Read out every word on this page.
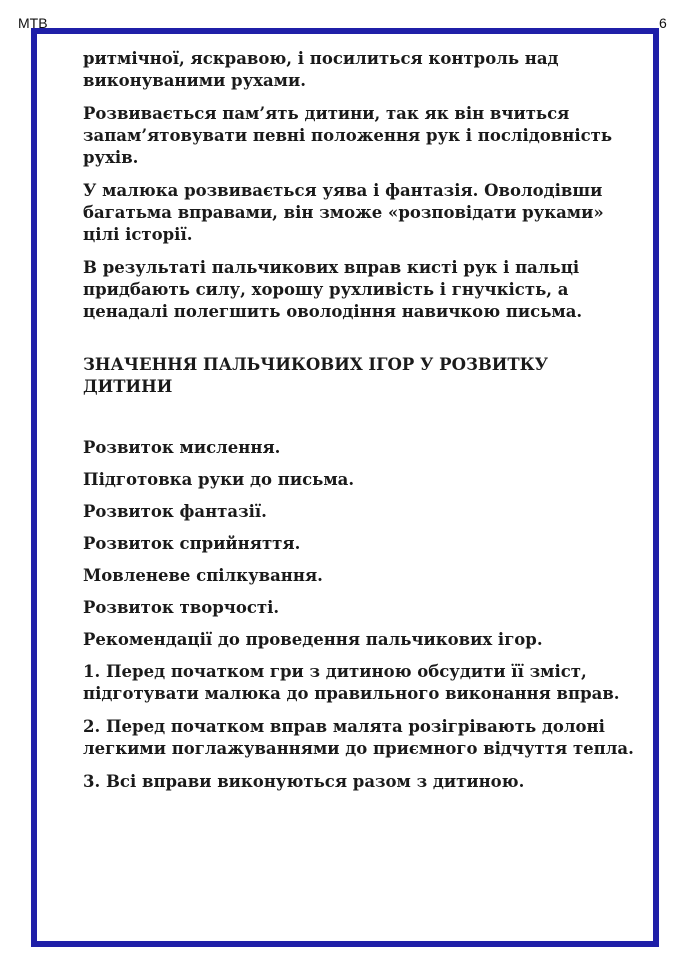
МТВ	6

ритмічної, яскравою, і посилиться контроль над виконуваними рухами.

Розвивається пам’ять дитини, так як він вчиться запам’ятовувати певні положення рук і послідовність рухів.

У малюка розвивається уява і фантазія. Оволодівши багатьма вправами, він зможе «розповідати руками» цілі історії.

В результаті пальчикових вправ кисті рук і пальці придбають силу, хорошу рухливість і гнучкість, а ценадалі полегшить оволодіння навичкою письма.

ЗНАЧЕННЯ ПАЛЬЧИКОВИХ ІГОР У РОЗВИТКУ ДИТИНИ

Розвиток мислення.

Підготовка руки до письма.

Розвиток фантазії.

Розвиток сприйняття.

Мовленеве спілкування.

Розвиток творчості.

Рекомендації до проведення пальчикових ігор.

1. Перед початком гри з дитиною обсудити її зміст, підготувати малюка до правильного виконання вправ.

2. Перед початком вправ малята розігрівають долоні легкими поглажуваннями до приємного відчуття тепла.

3. Всі вправи виконуються разом з дитиною.
